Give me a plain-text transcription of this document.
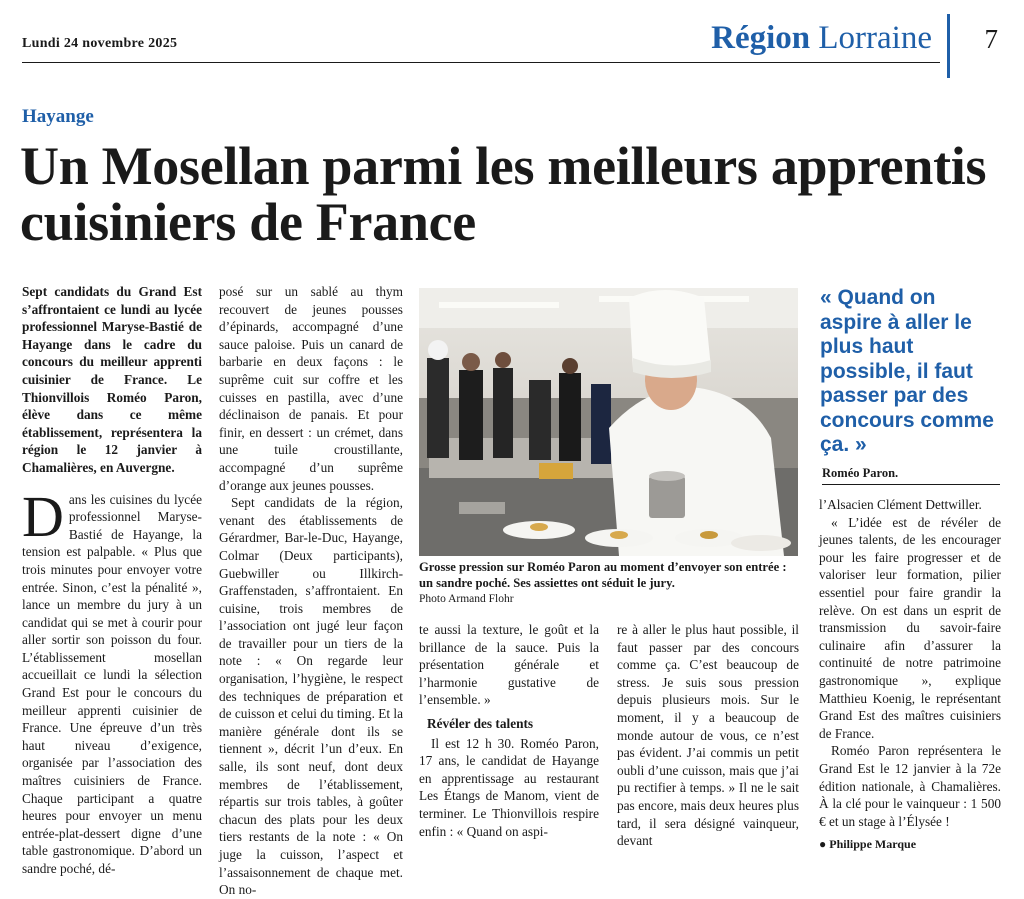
Lundi 24 novembre 2025	Région Lorraine 7
Hayange
Un Mosellan parmi les meilleurs apprentis cuisiniers de France

Sept candidats du Grand Est s’affrontaient ce lundi au lycée professionnel Maryse-Bastié de Hayange dans le cadre du concours du meilleur apprenti cuisinier de France. Le Thionvillois Roméo Paron, élève dans ce même établissement, représentera la région le 12 janvier à Chamalières, en Auvergne.

Dans les cuisines du lycée professionnel Maryse-Bastié de Hayange, la tension est palpable. « Plus que trois minutes pour envoyer votre entrée. Sinon, c’est la pénalité », lance un membre du jury à un candidat qui se met à courir pour aller sortir son poisson du four. L’établissement mosellan accueillait ce lundi la sélection Grand Est pour le concours du meilleur apprenti cuisinier de France. Une épreuve d’un très haut niveau d’exigence, organisée par l’association des maîtres cuisiniers de France. Chaque participant a quatre heures pour envoyer un menu entrée-plat-dessert digne d’une table gastronomique. D’abord un sandre poché, dé-

posé sur un sablé au thym recouvert de jeunes pousses d’épinards, accompagné d’une sauce paloise. Puis un canard de barbarie en deux façons : le suprême cuit sur coffre et les cuisses en pastilla, avec d’une déclinaison de panais. Et pour finir, en dessert : un crémet, dans une tuile croustillante, accompagné d’un suprême d’orange aux jeunes pousses.

Sept candidats de la région, venant des établissements de Gérardmer, Bar-le-Duc, Hayange, Colmar (Deux participants), Guebwiller ou Illkirch-Graffenstaden, s’affrontaient. En cuisine, trois membres de l’association ont jugé leur façon de travailler pour un tiers de la note : « On regarde leur organisation, l’hygiène, le respect des techniques de préparation et de cuisson et celui du timing. Et la manière générale dont ils se tiennent », décrit l’un d’eux. En salle, ils sont neuf, dont deux membres de l’établissement, répartis sur trois tables, à goûter chacun des plats pour les deux tiers restants de la note : « On juge la cuisson, l’aspect et l’assaisonnement de chaque met. On no-

Grosse pression sur Roméo Paron au moment d’envoyer son entrée : un sandre poché. Ses assiettes ont séduit le jury.
Photo Armand Flohr

te aussi la texture, le goût et la brillance de la sauce. Puis la présentation générale et l’harmonie gustative de l’ensemble. »

Révéler des talents

Il est 12 h 30. Roméo Paron, 17 ans, le candidat de Hayange en apprentissage au restaurant Les Étangs de Manom, vient de terminer. Le Thionvillois respire enfin : « Quand on aspi-

re à aller le plus haut possible, il faut passer par des concours comme ça. C’est beaucoup de stress. Je suis sous pression depuis plusieurs mois. Sur le moment, il y a beaucoup de monde autour de vous, ce n’est pas évident. J’ai commis un petit oubli d’une cuisson, mais que j’ai pu rectifier à temps. » Il ne le sait pas encore, mais deux heures plus tard, il sera désigné vainqueur, devant

« Quand on aspire à aller le plus haut possible, il faut passer par des concours comme ça. »
Roméo Paron.

l’Alsacien Clément Dettwiller.

« L’idée est de révéler de jeunes talents, de les encourager pour les faire progresser et de valoriser leur formation, pilier essentiel pour faire grandir la relève. On est dans un esprit de transmission du savoir-faire culinaire afin d’assurer la continuité de notre patrimoine gastronomique », explique Matthieu Koenig, le représentant Grand Est des maîtres cuisiniers de France.

Roméo Paron représentera le Grand Est le 12 janvier à la 72e édition nationale, à Chamalières. À la clé pour le vainqueur : 1 500 € et un stage à l’Élysée !

● Philippe Marque
